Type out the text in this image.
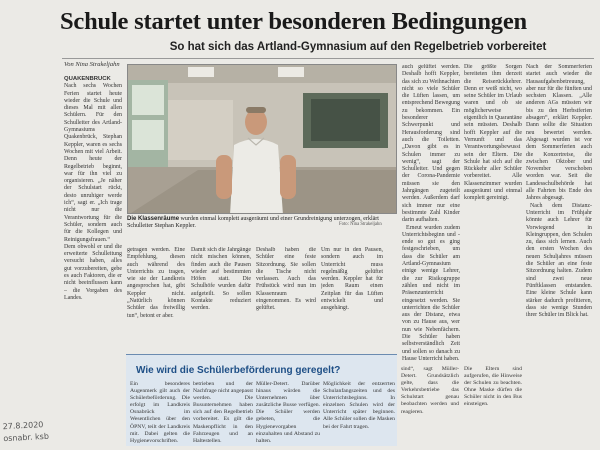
Schule startet unter besonderen Bedingungen
So hat sich das Artland-Gymnasium auf den Regelbetrieb vorbereitet
Von Nina Strakeljahn

QUAKENBRÜCK Nach sechs Wochen Ferien startet heute wieder die Schule und dieses Mal mit allen Schülern. Für den Schulleiter des Artland-Gymnasiums Quakenbrück, Stephan Keppler, waren es sechs Wochen mit viel Arbeit. Denn heute der Regelbetrieb beginnt, war für ihn viel zu organisieren. „Je näher der Schulstart rückt, desto unruhiger werde ich“, sagt er. „Ich trage nicht nur die Verantwortung für die Schüler, sondern auch für die Kollegen und Reinigungsfrauen.“ Dem obwohl er und die erweiterte Schulleitung versucht haben, alles gut vorzubereiten, gebe es auch Faktoren, die er nicht beeinflussen kann – die Vorgaben des Landes.

Die Klassenräume wurden einmal komplett ausgeräumt und einer Grundreinigung unterzogen, erklärt Schulleiter Stephan Keppler.	Foto: Nina Strakeljahn

getragen werden. Eine Empfehlung, diesen auch während des Unterrichts zu tragen, wie sie der Landkreis angesprochen hat, gibt Keppler nicht. „Natürlich können Schüler das freiwillig tun“, betont er aber.

Damit sich die Jahrgänge nicht mischen können, finden auch die Pausen wieder auf bestimmten Höfen statt. Die Schulhöfe wurden dafür aufgeteilt. So sollen Kontakte reduziert werden.

Deshalb haben die Schüler eine feste Sitzordnung. Sie sollen die Tische nicht verlassen. Auch das Frühstück wird nun im Klassenraum eingenommen. Es wird gelüftet.

Um nur in den Pausen, sondern auch im Unterricht muss regelmäßig gelüftet werden. Keppler hat für jeden Raum einen Zeitplan für das Lüften entwickelt und ausgehängt.

auch gelüftet werden. Deshalb hofft Keppler, das sich zu Weihnachten nicht so viele Schüler die Lüften lassen, um entsprechend Bewegung zu bekommen. Ein besonderer Schwerpunkt und Herausforderung sind auch die Toiletten. „Davon gibt es in Schulen immer zu wenig“, sagt der Schulleiter. Und gegen der Corona-Pandemie müssen sie den Jahrgängen zugeteilt werden. Außerdem darf sich immer nur eine bestimmte Zahl Kinder darin aufhalten.

Erneut wurden zudem Unterrichtsbeginn und -ende so gut es ging festgeschrieben, um dass die Schüler am Artland-Gymnasium einige wenige Lehrer, die zur Risikogruppe zählen und nicht im Präsenzunterricht eingesetzt werden. Sie unterrichten die Schüler aus der Distanz, etwa von zu Hause aus, wer nun wie Nebenfächern. Die Schüler haben selbstverständlich Zeit und sollen so danach zu Hause Unterricht haben.

Die größte Sorgen bereiteten ihm derzeit die Reiserückkehrer. Denn er weiß nicht, wo seine Schüler im Urlaub waren und ob sie möglicherweise eigentlich in Quarantäne sein müssten. Deshalb hofft Keppler auf die Vernunft und das Verantwortungsbewusstsein der Eltern. Die Schule hat sich auf die Rückkehr aller Schüler vorbereitet. Alle Klassenzimmer wurden ausgeräumt und einmal komplett gereinigt.

Nach der Sommerferien startet auch wieder die Hausaufgabenbetreuung, aber nur für die fünften und sechsten Klassen. „Alle anderen AGs müssten wir bis zu den Herbstferien absagen“, erklärt Keppler. Dann sollte die Situation neu bewertet werden. Abgesagt wurden ist vor dem Sommerferien auch die Konzertreise, die zwischen Oktober und November verschoben worden war. Seit die Landesschulbehörde hat alle Fahrten bis Ende des Jahres abgesagt.

Nach dem Distanz-Unterricht im Frühjahr könnte auch Lehrer für Vorwiegend in Kleingruppen, den Schulen zu, dass sich lernen. Auch den ersten Wochen des neuen Schuljahres müssen die Schüler an eine feste Sitzordnung halten. Zudem sind zwei neue Fünftklassen entstanden. Eine kleine Schule kann stärker dadurch profitieren, dass sie wenige Stunden ihrer Schüler im Blick hat.

Wie wird die Schülerbeförderung geregelt?
Ein besonderes Augenmerk gilt auch der Schülerbeförderung. Die erfolgt im Landkreis Osnabrück im Wesentlichen über den ÖPNV, teilt der Landkreis mit. Dabei gelten die Hygienevorschriften.
betrieben und der Nachfrage nicht angepasst werden. Die Busunternehmen haben sich auf den Regelbetrieb vorbereitet. Es gilt die Maskenpflicht in den Fahrzeugen und an Haltestellen.
Müller-Detert. Darüber hinaus würden die Unternehmen über zusätzliche Busse verfügen. Die Schüler werden gebeten, die Hygienevorgaben einzuhalten und Abstand zu halten.
Möglichkeit der entzerrten Schulanfangszeiten und des Unterrichtsbeginns. In einzelnen Schulen wird der Unterricht später beginnen. Alle Schüler sollen die Masken bei der Fahrt tragen.
sind“, sagt Müller-Detert. Grundsätzlich gelte, dass die Verkehrsbetriebe das Schulstart genau beobachten werden und reagieren.
Die Eltern sind aufgerufen, die Hinweise der Schulen zu beachten. Ohne Maske dürfen die Schüler nicht in den Bus einsteigen.
27.8.2020
osnabr. ksb
